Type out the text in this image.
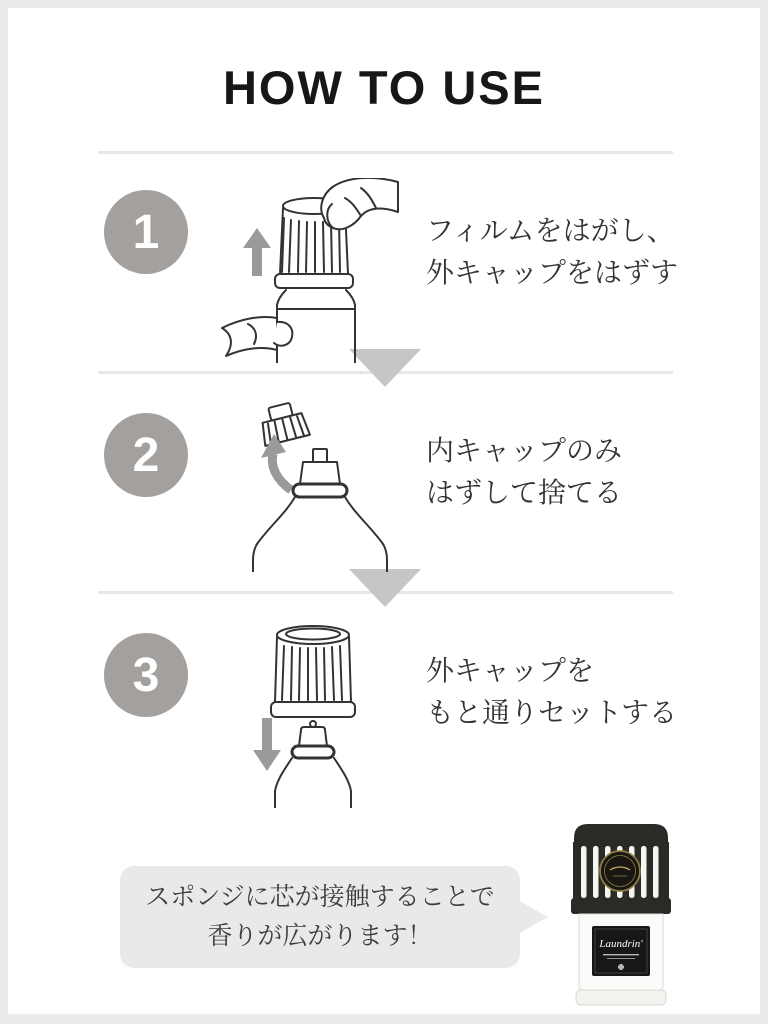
HOW TO USE
1	フィルムをはがし、
外キャップをはずす
2	内キャップのみ
はずして捨てる
3	外キャップを
もと通りセットする
スポンジに芯が接触することで
香りが広がります！	Laundrin'
